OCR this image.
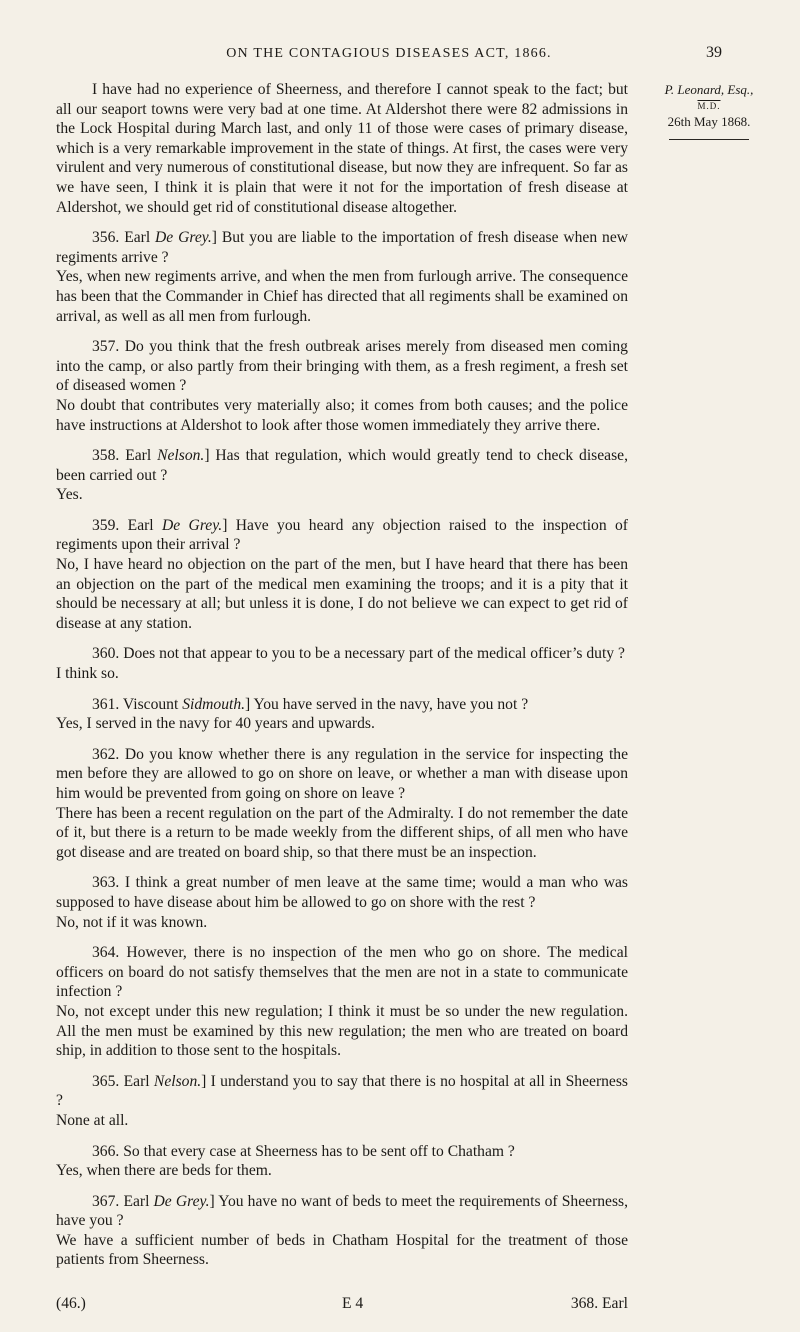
ON THE CONTAGIOUS DISEASES ACT, 1866.	39
P. Leonard, Esq.,
M.D.
26th May 1868.

I have had no experience of Sheerness, and therefore I cannot speak to the fact; but all our seaport towns were very bad at one time. At Aldershot there were 82 admissions in the Lock Hospital during March last, and only 11 of those were cases of primary disease, which is a very remarkable improvement in the state of things. At first, the cases were very virulent and very numerous of constitutional disease, but now they are infrequent. So far as we have seen, I think it is plain that were it not for the importation of fresh disease at Aldershot, we should get rid of constitutional disease altogether.

356. Earl De Grey.] But you are liable to the importation of fresh disease when new regiments arrive ?

Yes, when new regiments arrive, and when the men from furlough arrive. The consequence has been that the Commander in Chief has directed that all regiments shall be examined on arrival, as well as all men from furlough.

357. Do you think that the fresh outbreak arises merely from diseased men coming into the camp, or also partly from their bringing with them, as a fresh regiment, a fresh set of diseased women ?

No doubt that contributes very materially also; it comes from both causes; and the police have instructions at Aldershot to look after those women immediately they arrive there.

358. Earl Nelson.] Has that regulation, which would greatly tend to check disease, been carried out ?

Yes.

359. Earl De Grey.] Have you heard any objection raised to the inspection of regiments upon their arrival ?

No, I have heard no objection on the part of the men, but I have heard that there has been an objection on the part of the medical men examining the troops; and it is a pity that it should be necessary at all; but unless it is done, I do not believe we can expect to get rid of disease at any station.

360. Does not that appear to you to be a necessary part of the medical officer’s duty ?

I think so.

361. Viscount Sidmouth.] You have served in the navy, have you not ?

Yes, I served in the navy for 40 years and upwards.

362. Do you know whether there is any regulation in the service for inspecting the men before they are allowed to go on shore on leave, or whether a man with disease upon him would be prevented from going on shore on leave ?

There has been a recent regulation on the part of the Admiralty. I do not remember the date of it, but there is a return to be made weekly from the different ships, of all men who have got disease and are treated on board ship, so that there must be an inspection.

363. I think a great number of men leave at the same time; would a man who was supposed to have disease about him be allowed to go on shore with the rest ?

No, not if it was known.

364. However, there is no inspection of the men who go on shore. The medical officers on board do not satisfy themselves that the men are not in a state to communicate infection ?

No, not except under this new regulation; I think it must be so under the new regulation. All the men must be examined by this new regulation; the men who are treated on board ship, in addition to those sent to the hospitals.

365. Earl Nelson.] I understand you to say that there is no hospital at all in Sheerness ?

None at all.

366. So that every case at Sheerness has to be sent off to Chatham ?

Yes, when there are beds for them.

367. Earl De Grey.] You have no want of beds to meet the requirements of Sheerness, have you ?

We have a sufficient number of beds in Chatham Hospital for the treatment of those patients from Sheerness.

(46.)	E 4	368. Earl
